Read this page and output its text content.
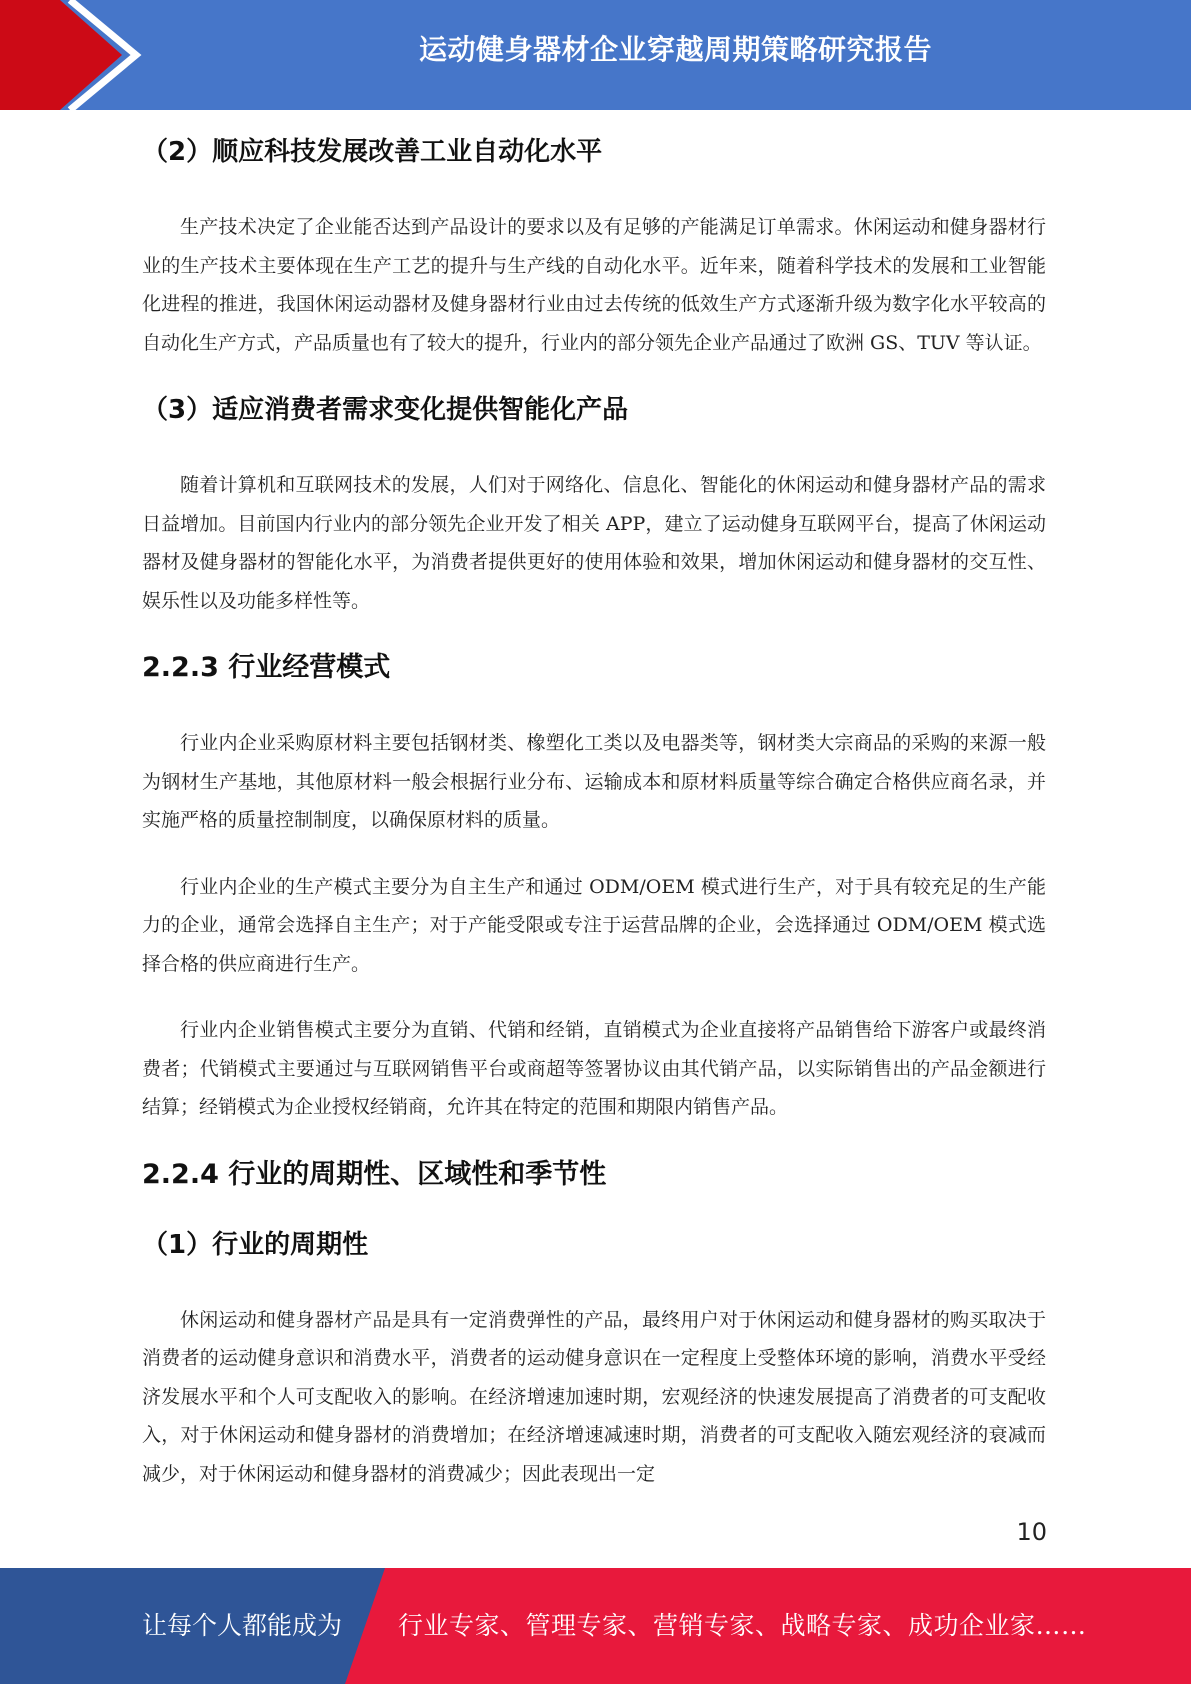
运动健身器材企业穿越周期策略研究报告
（2）顺应科技发展改善工业自动化水平

生产技术决定了企业能否达到产品设计的要求以及有足够的产能满足订单需求。休闲运动和健身器材行业的生产技术主要体现在生产工艺的提升与生产线的自动化水平。近年来，随着科学技术的发展和工业智能化进程的推进，我国休闲运动器材及健身器材行业由过去传统的低效生产方式逐渐升级为数字化水平较高的自动化生产方式，产品质量也有了较大的提升，行业内的部分领先企业产品通过了欧洲 GS、TUV 等认证。

（3）适应消费者需求变化提供智能化产品

随着计算机和互联网技术的发展，人们对于网络化、信息化、智能化的休闲运动和健身器材产品的需求日益增加。目前国内行业内的部分领先企业开发了相关 APP，建立了运动健身互联网平台，提高了休闲运动器材及健身器材的智能化水平，为消费者提供更好的使用体验和效果，增加休闲运动和健身器材的交互性、娱乐性以及功能多样性等。

2.2.3 行业经营模式

行业内企业采购原材料主要包括钢材类、橡塑化工类以及电器类等，钢材类大宗商品的采购的来源一般为钢材生产基地，其他原材料一般会根据行业分布、运输成本和原材料质量等综合确定合格供应商名录，并实施严格的质量控制制度，以确保原材料的质量。

行业内企业的生产模式主要分为自主生产和通过 ODM/OEM 模式进行生产，对于具有较充足的生产能力的企业，通常会选择自主生产；对于产能受限或专注于运营品牌的企业，会选择通过 ODM/OEM 模式选择合格的供应商进行生产。

行业内企业销售模式主要分为直销、代销和经销，直销模式为企业直接将产品销售给下游客户或最终消费者；代销模式主要通过与互联网销售平台或商超等签署协议由其代销产品，以实际销售出的产品金额进行结算；经销模式为企业授权经销商，允许其在特定的范围和期限内销售产品。

2.2.4 行业的周期性、区域性和季节性
（1）行业的周期性

休闲运动和健身器材产品是具有一定消费弹性的产品，最终用户对于休闲运动和健身器材的购买取决于消费者的运动健身意识和消费水平，消费者的运动健身意识在一定程度上受整体环境的影响，消费水平受经济发展水平和个人可支配收入的影响。在经济增速加速时期，宏观经济的快速发展提高了消费者的可支配收入，对于休闲运动和健身器材的消费增加；在经济增速减速时期，消费者的可支配收入随宏观经济的衰减而减少，对于休闲运动和健身器材的消费减少；因此表现出一定

10
让每个人都能成为 行业专家、管理专家、营销专家、战略专家、成功企业家……
